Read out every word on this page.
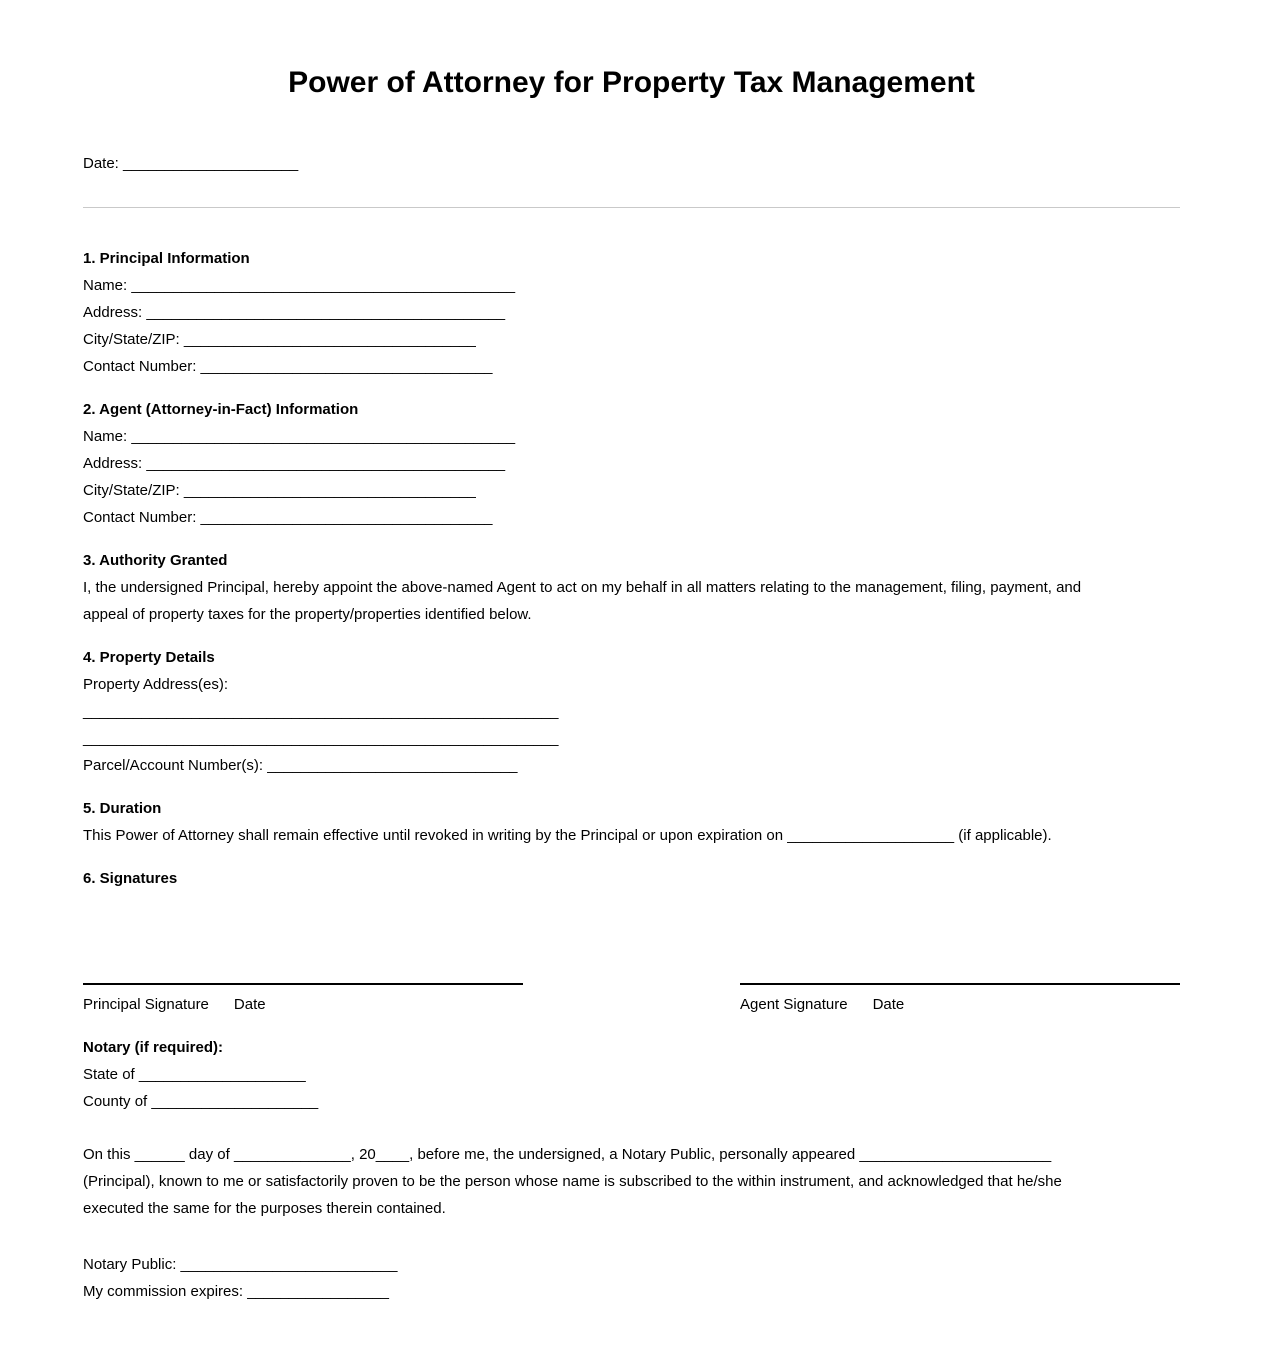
Power of Attorney for Property Tax Management

Date: _____________________

1. Principal Information

Name: ______________________________________________

Address: ___________________________________________

City/State/ZIP: ___________________________________

Contact Number: ___________________________________

2. Agent (Attorney-in-Fact) Information

Name: ______________________________________________

Address: ___________________________________________

City/State/ZIP: ___________________________________

Contact Number: ___________________________________

3. Authority Granted

I, the undersigned Principal, hereby appoint the above-named Agent to act on my behalf in all matters relating to the management, filing, payment, and

appeal of property taxes for the property/properties identified below.

4. Property Details

Property Address(es):

_________________________________________________________

_________________________________________________________

Parcel/Account Number(s): ______________________________

5. Duration

This Power of Attorney shall remain effective until revoked in writing by the Principal or upon expiration on ____________________ (if applicable).

6. Signatures
Principal Signature Date	Agent Signature Date
Notary (if required):

State of ____________________

County of ____________________

On this ______ day of ______________, 20____, before me, the undersigned, a Notary Public, personally appeared _______________________

(Principal), known to me or satisfactorily proven to be the person whose name is subscribed to the within instrument, and acknowledged that he/she

executed the same for the purposes therein contained.

Notary Public: __________________________

My commission expires: _________________
